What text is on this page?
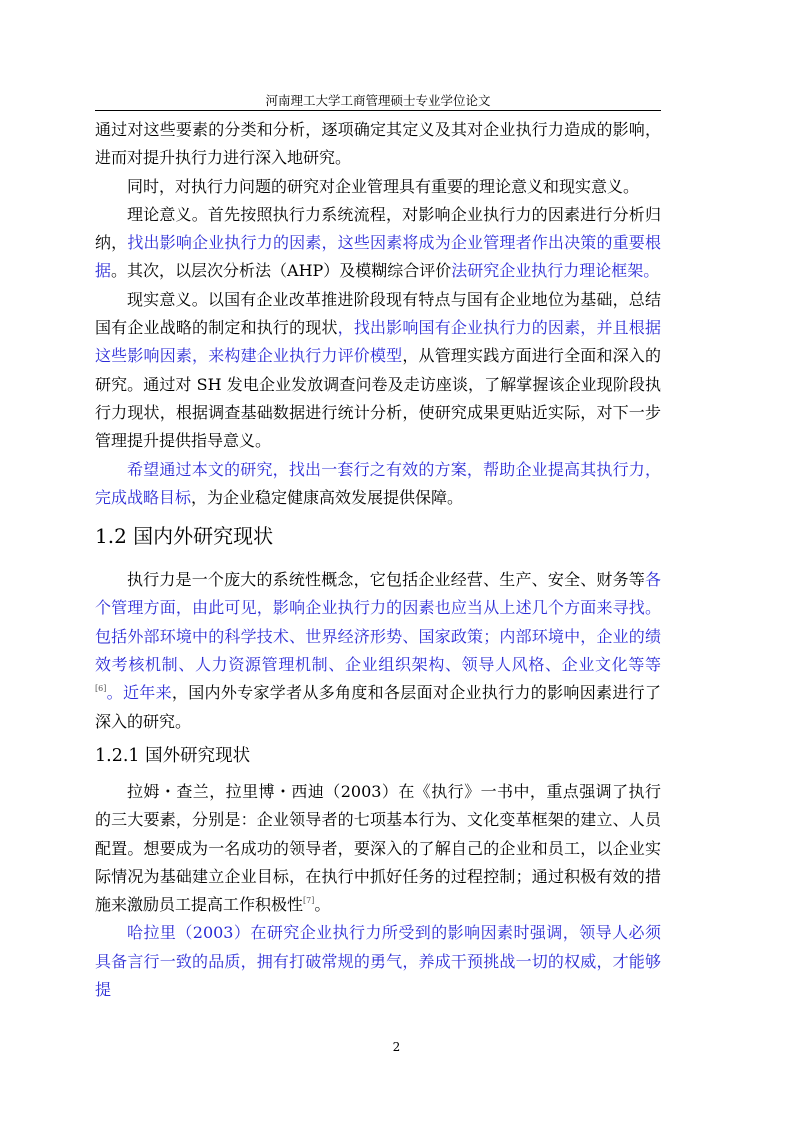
河南理工大学工商管理硕士专业学位论文

通过对这些要素的分类和分析，逐项确定其定义及其对企业执行力造成的影响，进而对提升执行力进行深入地研究。

同时，对执行力问题的研究对企业管理具有重要的理论意义和现实意义。

理论意义。首先按照执行力系统流程，对影响企业执行力的因素进行分析归纳，找出影响企业执行力的因素，这些因素将成为企业管理者作出决策的重要根据。其次，以层次分析法（AHP）及模糊综合评价法研究企业执行力理论框架。

现实意义。以国有企业改革推进阶段现有特点与国有企业地位为基础，总结国有企业战略的制定和执行的现状，找出影响国有企业执行力的因素，并且根据这些影响因素，来构建企业执行力评价模型，从管理实践方面进行全面和深入的研究。通过对 SH 发电企业发放调查问卷及走访座谈，了解掌握该企业现阶段执行力现状，根据调查基础数据进行统计分析，使研究成果更贴近实际，对下一步管理提升提供指导意义。

希望通过本文的研究，找出一套行之有效的方案，帮助企业提高其执行力，完成战略目标，为企业稳定健康高效发展提供保障。

1.2 国内外研究现状

执行力是一个庞大的系统性概念，它包括企业经营、生产、安全、财务等各个管理方面，由此可见，影响企业执行力的因素也应当从上述几个方面来寻找。包括外部环境中的科学技术、世界经济形势、国家政策；内部环境中，企业的绩效考核机制、人力资源管理机制、企业组织架构、领导人风格、企业文化等等[6]。近年来，国内外专家学者从多角度和各层面对企业执行力的影响因素进行了深入的研究。

1.2.1 国外研究现状

拉姆・查兰，拉里博・西迪（2003）在《执行》一书中，重点强调了执行的三大要素，分别是：企业领导者的七项基本行为、文化变革框架的建立、人员配置。想要成为一名成功的领导者，要深入的了解自己的企业和员工，以企业实际情况为基础建立企业目标，在执行中抓好任务的过程控制；通过积极有效的措施来激励员工提高工作积极性[7]。

哈拉里（2003）在研究企业执行力所受到的影响因素时强调，领导人必须具备言行一致的品质，拥有打破常规的勇气，养成干预挑战一切的权威，才能够提

2
